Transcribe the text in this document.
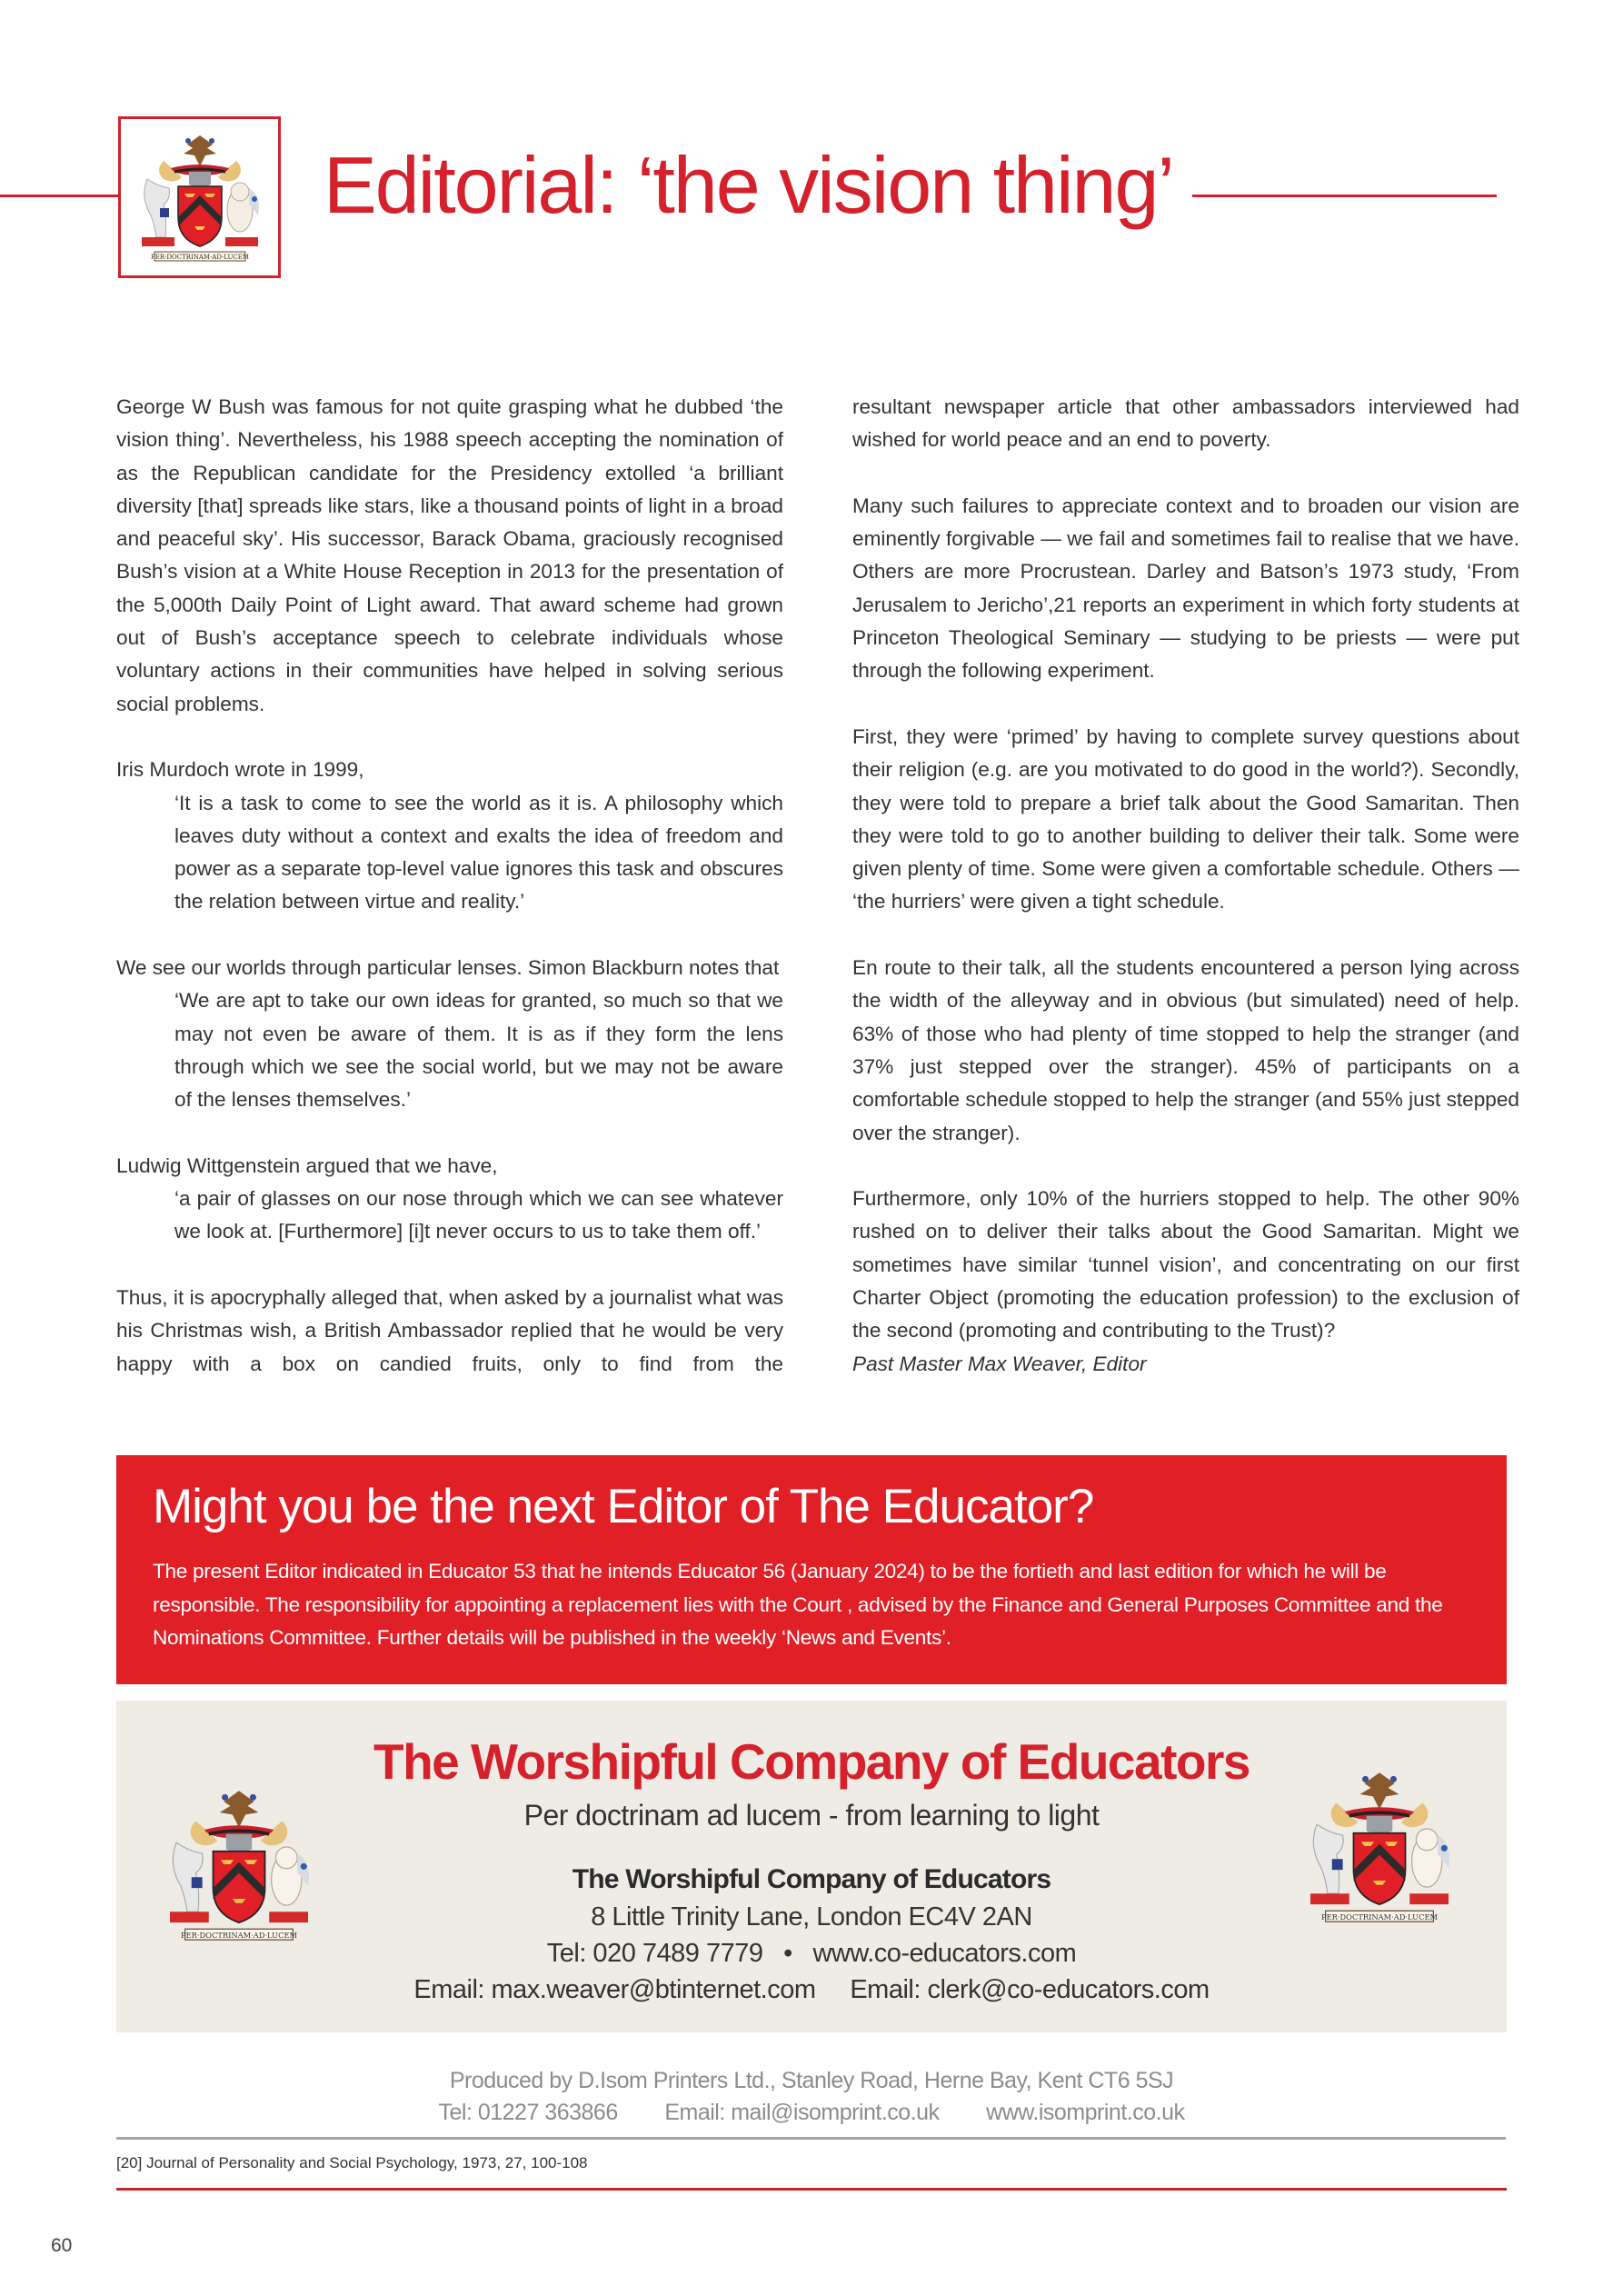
PER·DOCTRINAM·AD·LUCEM
Editorial: ‘the vision thing’

George W Bush was famous for not quite grasping what he dubbed ‘the vision thing’. Nevertheless, his 1988 speech accepting the nomination of as the Republican candidate for the Presidency extolled ‘a brilliant diversity [that] spreads like stars, like a thousand points of light in a broad and peaceful sky’. His successor, Barack Obama, graciously recognised Bush’s vision at a White House Reception in 2013 for the presentation of the 5,000th Daily Point of Light award. That award scheme had grown out of Bush’s acceptance speech to celebrate individuals whose voluntary actions in their communities have helped in solving serious social problems.

Iris Murdoch wrote in 1999,

‘It is a task to come to see the world as it is. A philosophy which leaves duty without a context and exalts the idea of freedom and power as a separate top-level value ignores this task and obscures the relation between virtue and reality.’

We see our worlds through particular lenses. Simon Blackburn notes that

‘We are apt to take our own ideas for granted, so much so that we may not even be aware of them. It is as if they form the lens through which we see the social world, but we may not be aware of the lenses themselves.’

Ludwig Wittgenstein argued that we have,

‘a pair of glasses on our nose through which we can see whatever we look at. [Furthermore] [i]t never occurs to us to take them off.’

Thus, it is apocryphally alleged that, when asked by a journalist what was his Christmas wish, a British Ambassador replied that he would be very happy with a box on candied fruits, only to find from the

resultant newspaper article that other ambassadors interviewed had wished for world peace and an end to poverty.

Many such failures to appreciate context and to broaden our vision are eminently forgivable — we fail and sometimes fail to realise that we have. Others are more Procrustean. Darley and Batson’s 1973 study, ‘From Jerusalem to Jericho’,21 reports an experiment in which forty students at Princeton Theological Seminary — studying to be priests — were put through the following experiment.

First, they were ‘primed’ by having to complete survey questions about their religion (e.g. are you motivated to do good in the world?). Secondly, they were told to prepare a brief talk about the Good Samaritan. Then they were told to go to another building to deliver their talk. Some were given plenty of time. Some were given a comfortable schedule. Others — ‘the hurriers’ were given a tight schedule.

En route to their talk, all the students encountered a person lying across the width of the alleyway and in obvious (but simulated) need of help. 63% of those who had plenty of time stopped to help the stranger (and 37% just stepped over the stranger). 45% of participants on a comfortable schedule stopped to help the stranger (and 55% just stepped over the stranger).

Furthermore, only 10% of the hurriers stopped to help. The other 90% rushed on to deliver their talks about the Good Samaritan. Might we sometimes have similar ‘tunnel vision’, and concentrating on our first Charter Object (promoting the education profession) to the exclusion of the second (promoting and contributing to the Trust)?

Past Master Max Weaver, Editor

Might you be the next Editor of The Educator?

The present Editor indicated in Educator 53 that he intends Educator 56 (January 2024) to be the fortieth and last edition for which he will be responsible. The responsibility for appointing a replacement lies with the Court , advised by the Finance and General Purposes Committee and the Nominations Committee. Further details will be published in the weekly ‘News and Events’.

PER·DOCTRINAM·AD·LUCEM
PER·DOCTRINAM·AD·LUCEM
The Worshipful Company of Educators
Per doctrinam ad lucem - from learning to light
The Worshipful Company of Educators
8 Little Trinity Lane, London EC4V 2AN
Tel: 020 7489 7779 • www.co-educators.com
Email: max.weaver@btinternet.com Email: clerk@co-educators.com
Produced by D.Isom Printers Ltd., Stanley Road, Herne Bay, Kent CT6 5SJ
Tel: 01227 363866 Email: mail@isomprint.co.uk www.isomprint.co.uk
[20] Journal of Personality and Social Psychology, 1973, 27, 100-108
60
